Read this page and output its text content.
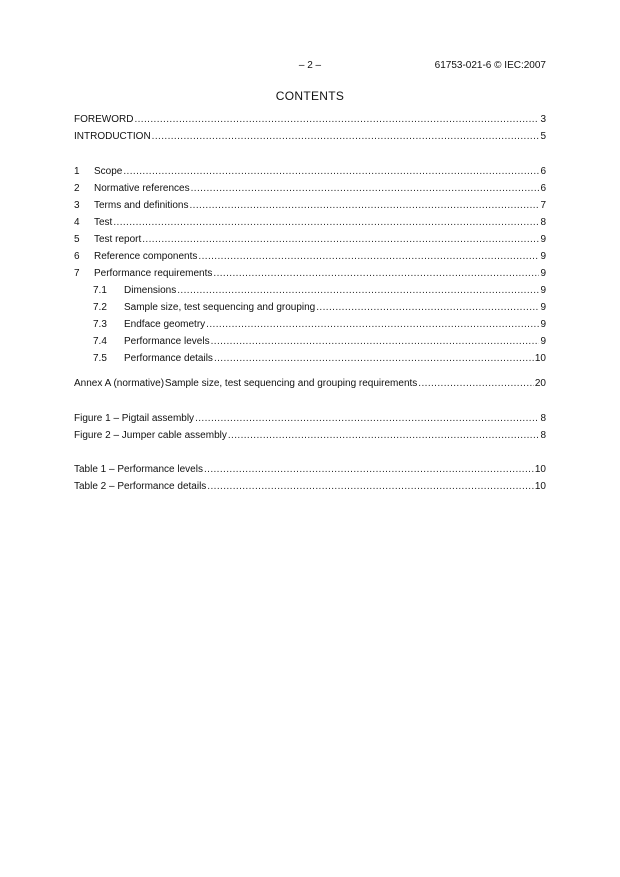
– 2 –	61753-021-6 © IEC:2007
CONTENTS
FOREWORD .....	3
INTRODUCTION .....	5
1	Scope .....	6
2	Normative references .....	6
3	Terms and definitions .....	7
4	Test .....	8
5	Test report .....	9
6	Reference components .....	9
7	Performance requirements .....	9
7.1	Dimensions .....	9
7.2	Sample size, test sequencing and grouping .....	9
7.3	Endface geometry .....	9
7.4	Performance levels .....	9
7.5	Performance details .....	10
Annex A (normative) Sample size, test sequencing and grouping requirements .....	20
Figure 1 – Pigtail assembly .....	8
Figure 2 – Jumper cable assembly .....	8
Table 1 – Performance levels .....	10
Table 2 – Performance details .....	10
